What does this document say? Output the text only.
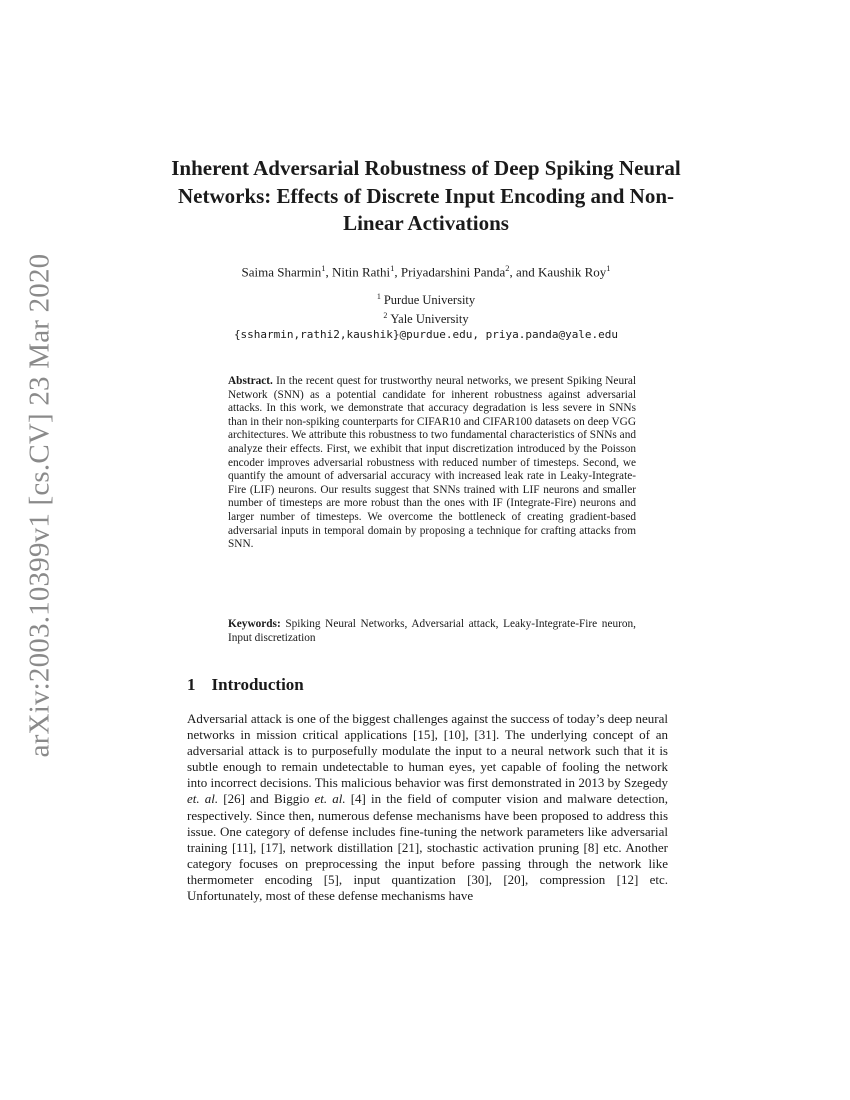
arXiv:2003.10399v1 [cs.CV] 23 Mar 2020
Inherent Adversarial Robustness of Deep Spiking Neural Networks: Effects of Discrete Input Encoding and Non-Linear Activations
Saima Sharmin$^1$, Nitin Rathi$^1$, Priyadarshini Panda$^2$, and Kaushik Roy$^1$
$^1$ Purdue University
$^2$ Yale University
{ssharmin,rathi2,kaushik}@purdue.edu, priya.panda@yale.edu
Abstract. In the recent quest for trustworthy neural networks, we present Spiking Neural Network (SNN) as a potential candidate for inherent robustness against adversarial attacks. In this work, we demonstrate that accuracy degradation is less severe in SNNs than in their non-spiking counterparts for CIFAR10 and CIFAR100 datasets on deep VGG architectures. We attribute this robustness to two fundamental characteristics of SNNs and analyze their effects. First, we exhibit that input discretization introduced by the Poisson encoder improves adversarial robustness with reduced number of timesteps. Second, we quantify the amount of adversarial accuracy with increased leak rate in Leaky-Integrate-Fire (LIF) neurons. Our results suggest that SNNs trained with LIF neurons and smaller number of timesteps are more robust than the ones with IF (Integrate-Fire) neurons and larger number of timesteps. We overcome the bottleneck of creating gradient-based adversarial inputs in temporal domain by proposing a technique for crafting attacks from SNN.
Keywords: Spiking Neural Networks, Adversarial attack, Leaky-Integrate-Fire neuron, Input discretization
1 Introduction
Adversarial attack is one of the biggest challenges against the success of today’s deep neural networks in mission critical applications [15], [10], [31]. The underlying concept of an adversarial attack is to purposefully modulate the input to a neural network such that it is subtle enough to remain undetectable to human eyes, yet capable of fooling the network into incorrect decisions. This malicious behavior was first demonstrated in 2013 by Szegedy et. al. [26] and Biggio et. al. [4] in the field of computer vision and malware detection, respectively. Since then, numerous defense mechanisms have been proposed to address this issue. One category of defense includes fine-tuning the network parameters like adversarial training [11], [17], network distillation [21], stochastic activation pruning [8] etc. Another category focuses on preprocessing the input before passing through the network like thermometer encoding [5], input quantization [30], [20], compression [12] etc. Unfortunately, most of these defense mechanisms have
